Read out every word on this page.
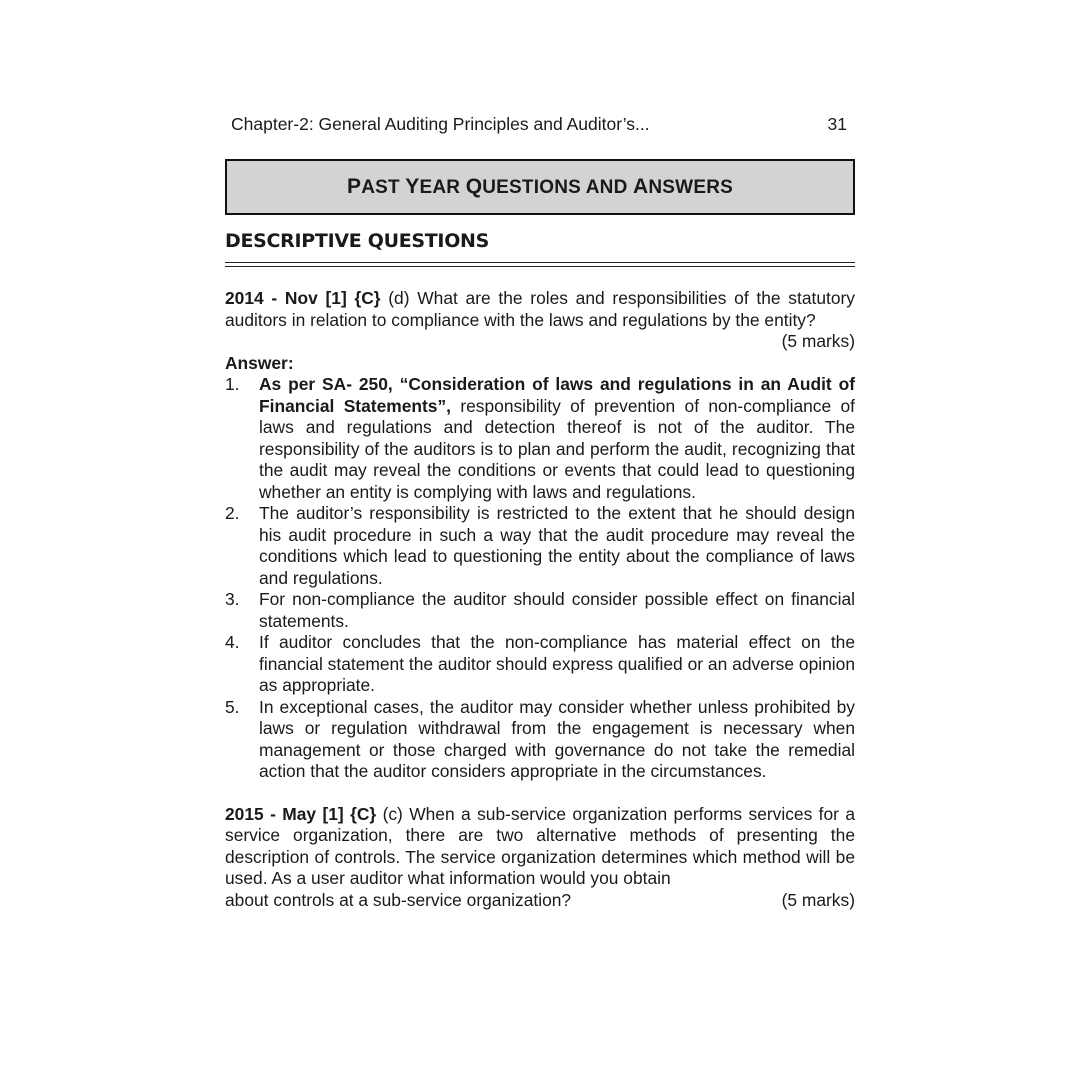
Chapter-2: General Auditing Principles and Auditor’s...	31
PAST YEAR QUESTIONS AND ANSWERS
DESCRIPTIVE QUESTIONS
2014 - Nov [1] {C} (d) What are the roles and responsibilities of the statutory auditors in relation to compliance with the laws and regulations by the entity?
(5 marks)
Answer:
1. As per SA- 250, “Consideration of laws and regulations in an Audit of Financial Statements”, responsibility of prevention of non-compliance of laws and regulations and detection thereof is not of the auditor. The responsibility of the auditors is to plan and perform the audit, recognizing that the audit may reveal the conditions or events that could lead to questioning whether an entity is complying with laws and regulations.
2. The auditor’s responsibility is restricted to the extent that he should design his audit procedure in such a way that the audit procedure may reveal the conditions which lead to questioning the entity about the compliance of laws and regulations.
3. For non-compliance the auditor should consider possible effect on financial statements.
4. If auditor concludes that the non-compliance has material effect on the financial statement the auditor should express qualified or an adverse opinion as appropriate.
5. In exceptional cases, the auditor may consider whether unless prohibited by laws or regulation withdrawal from the engagement is necessary when management or those charged with governance do not take the remedial action that the auditor considers appropriate in the circumstances.
2015 - May [1] {C} (c) When a sub-service organization performs services for a service organization, there are two alternative methods of presenting the description of controls. The service organization determines which method will be used. As a user auditor what information would you obtain
about controls at a sub-service organization?	(5 marks)
